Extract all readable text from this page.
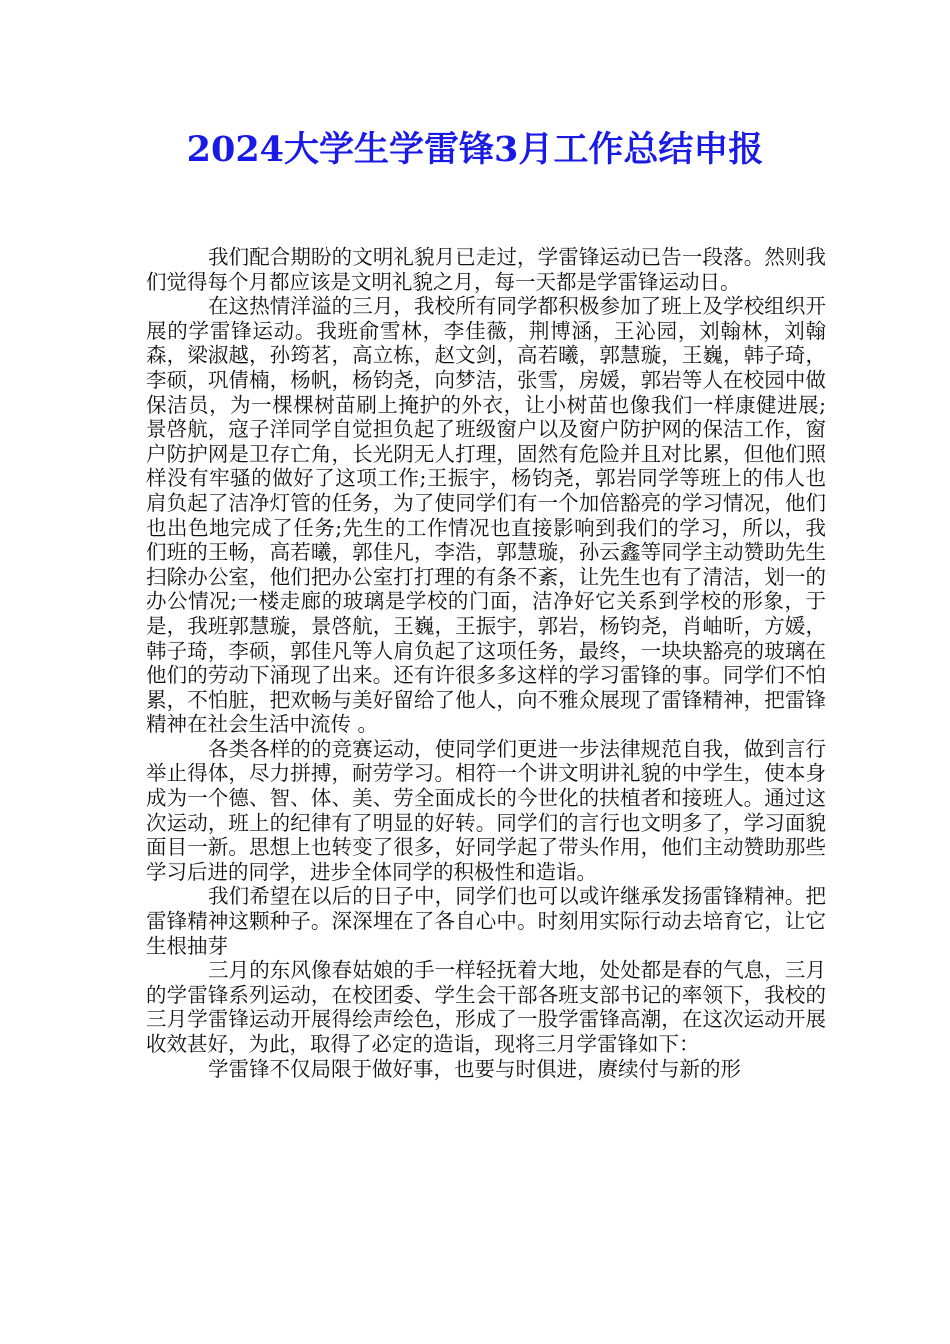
2024大学生学雷锋3月工作总结申报

我们配合期盼的文明礼貌月已走过，学雷锋运动已告一段落。然则我们觉得每个月都应该是文明礼貌之月，每一天都是学雷锋运动日。

在这热情洋溢的三月，我校所有同学都积极参加了班上及学校组织开展的学雷锋运动。我班俞雪林，李佳薇，荆博涵，王沁园，刘翰林，刘翰森，梁淑越，孙筠茗，高立栋，赵文剑，高若曦，郭慧璇，王巍，韩子琦，李硕，巩倩楠，杨帆，杨钧尧，向梦洁，张雪，房媛，郭岩等人在校园中做保洁员，为一棵棵树苗刷上掩护的外衣，让小树苗也像我们一样康健进展;景啓航，寇子洋同学自觉担负起了班级窗户以及窗户防护网的保洁工作，窗户防护网是卫存亡角，长光阴无人打理，固然有危险并且对比累，但他们照样没有牢骚的做好了这项工作;王振宇，杨钧尧，郭岩同学等班上的伟人也肩负起了洁净灯管的任务，为了使同学们有一个加倍豁亮的学习情况，他们也出色地完成了任务;先生的工作情况也直接影响到我们的学习，所以，我们班的王畅，高若曦，郭佳凡，李浩，郭慧璇，孙云鑫等同学主动赞助先生扫除办公室，他们把办公室打打理的有条不紊，让先生也有了清洁，划一的办公情况;一楼走廊的玻璃是学校的门面，洁净好它关系到学校的形象，于是，我班郭慧璇，景啓航，王巍，王振宇，郭岩，杨钧尧，肖岫昕，方媛，韩子琦，李硕，郭佳凡等人肩负起了这项任务，最终，一块块豁亮的玻璃在他们的劳动下涌现了出来。还有许很多多这样的学习雷锋的事。同学们不怕累，不怕脏，把欢畅与美好留给了他人，向不雅众展现了雷锋精神，把雷锋精神在社会生活中流传 。

各类各样的的竞赛运动，使同学们更进一步法律规范自我，做到言行举止得体，尽力拼搏，耐劳学习。相符一个讲文明讲礼貌的中学生，使本身成为一个德、智、体、美、劳全面成长的今世化的扶植者和接班人。通过这次运动，班上的纪律有了明显的好转。同学们的言行也文明多了，学习面貌面目一新。思想上也转变了很多，好同学起了带头作用，他们主动赞助那些学习后进的同学，进步全体同学的积极性和造诣。

我们希望在以后的日子中，同学们也可以或许继承发扬雷锋精神。把雷锋精神这颗种子。深深埋在了各自心中。时刻用实际行动去培育它，让它生根抽芽

三月的东风像春姑娘的手一样轻抚着大地，处处都是春的气息，三月的学雷锋系列运动，在校团委、学生会干部各班支部书记的率领下，我校的三月学雷锋运动开展得绘声绘色，形成了一股学雷锋高潮，在这次运动开展收效甚好，为此，取得了必定的造诣，现将三月学雷锋如下：

学雷锋不仅局限于做好事，也要与时俱进，赓续付与新的形
